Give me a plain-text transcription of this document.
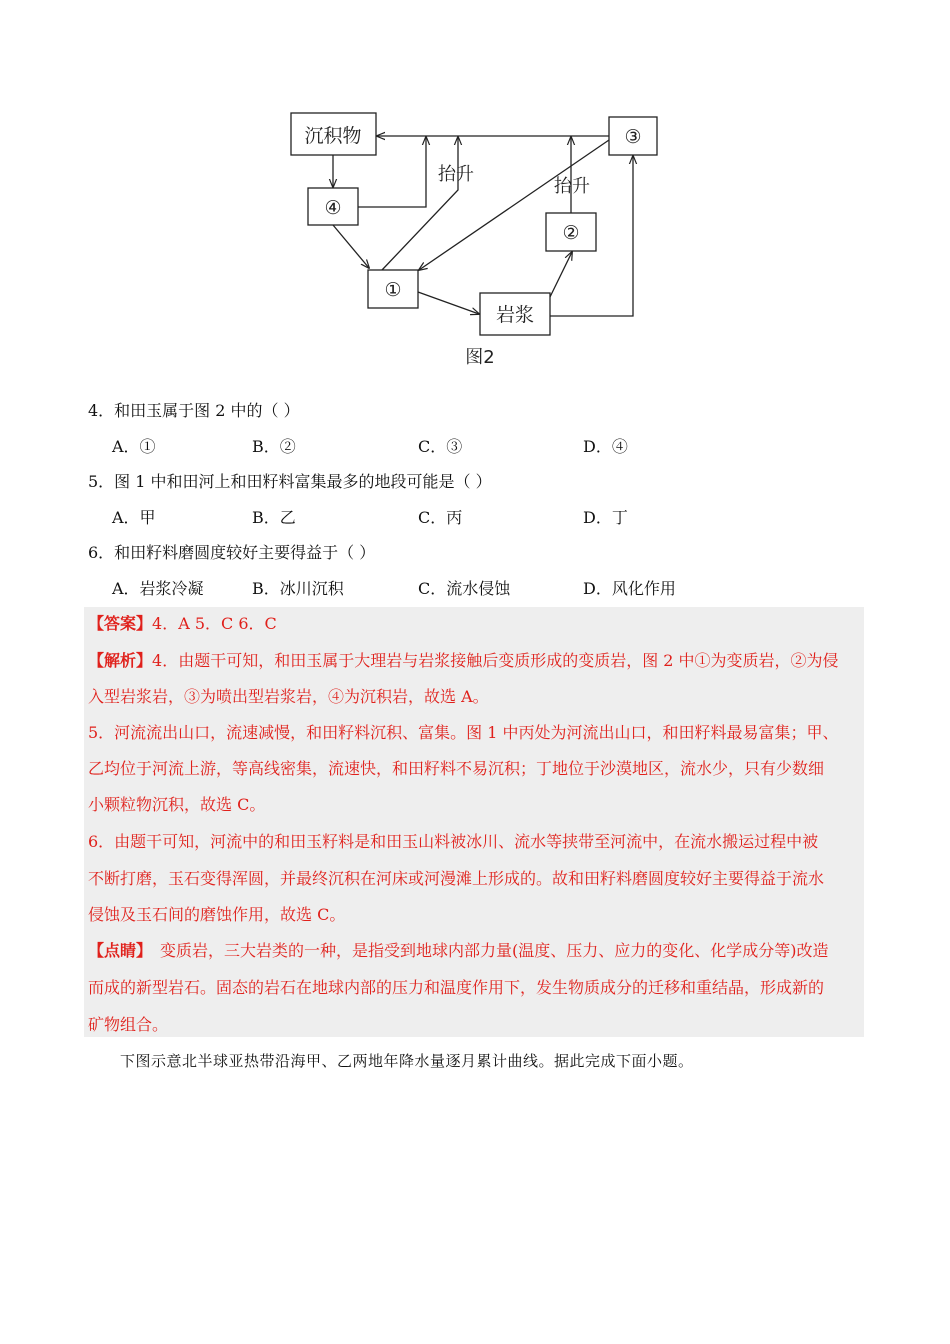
沉积物	③
④
②
①
岩浆
抬升
抬升
图2
4．和田玉属于图 2 中的（ ）
A．①	B．②	C．③	D．④
5．图 1 中和田河上和田籽料富集最多的地段可能是（ ）
A．甲	B．乙	C．丙	D．丁
6．和田籽料磨圆度较好主要得益于（ ）
A．岩浆冷凝	B．冰川沉积	C．流水侵蚀	D．风化作用
【答案】4．A 5．C 6．C
【解析】4．由题干可知，和田玉属于大理岩与岩浆接触后变质形成的变质岩，图 2 中①为变质岩，②为侵
入型岩浆岩，③为喷出型岩浆岩，④为沉积岩，故选 A。
5．河流流出山口，流速减慢，和田籽料沉积、富集。图 1 中丙处为河流出山口，和田籽料最易富集；甲、
乙均位于河流上游，等高线密集，流速快，和田籽料不易沉积；丁地位于沙漠地区，流水少，只有少数细
小颗粒物沉积，故选 C。
6．由题干可知，河流中的和田玉籽料是和田玉山料被冰川、流水等挟带至河流中，在流水搬运过程中被
不断打磨，玉石变得浑圆，并最终沉积在河床或河漫滩上形成的。故和田籽料磨圆度较好主要得益于流水
侵蚀及玉石间的磨蚀作用，故选 C。
【点睛】 变质岩，三大岩类的一种，是指受到地球内部力量(温度、压力、应力的变化、化学成分等)改造
而成的新型岩石。固态的岩石在地球内部的压力和温度作用下，发生物质成分的迁移和重结晶，形成新的
矿物组合。
下图示意北半球亚热带沿海甲、乙两地年降水量逐月累计曲线。据此完成下面小题。
